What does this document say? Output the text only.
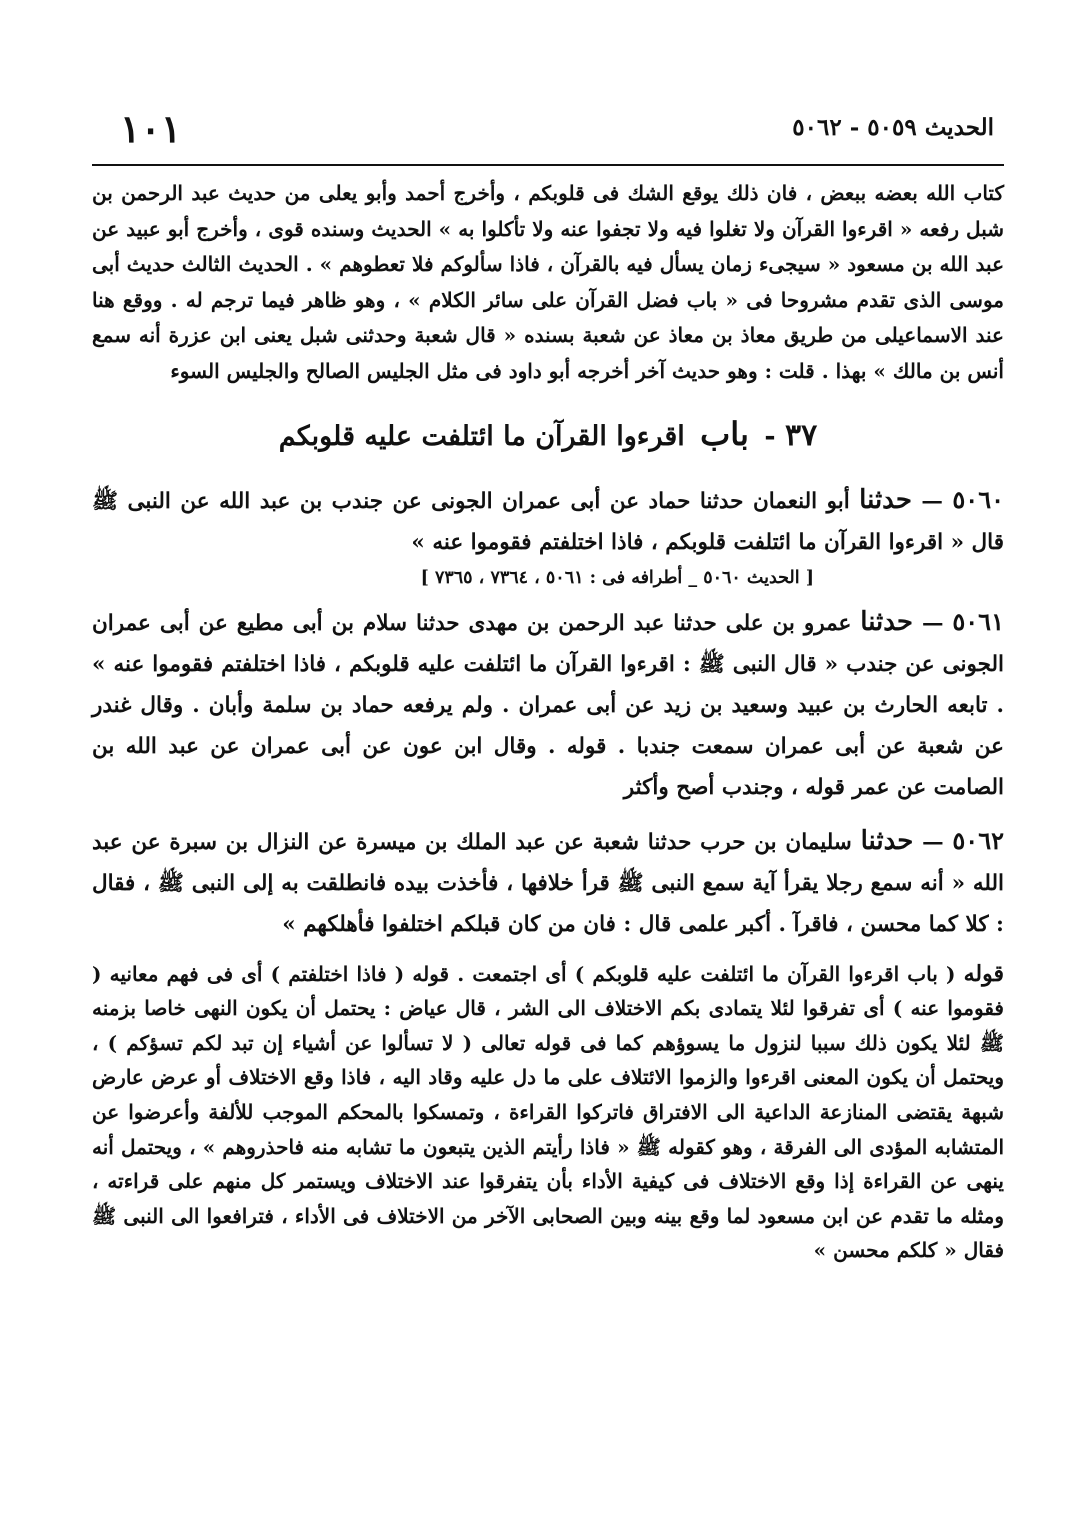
١٠١	الحديث ٥٠٥٩ - ٥٠٦٢

كتاب الله بعضه ببعض ، فان ذلك يوقع الشك فى قلوبكم ، وأخرج أحمد وأبو يعلى من حديث عبد الرحمن بن شبل رفعه « اقرءوا القرآن ولا تغلوا فيه ولا تجفوا عنه ولا تأكلوا به » الحديث وسنده قوى ، وأخرج أبو عبيد عن عبد الله بن مسعود « سيجىء زمان يسأل فيه بالقرآن ، فاذا سألوكم فلا تعطوهم » . الحديث الثالث حديث أبى موسى الذى تقدم مشروحا فى « باب فضل القرآن على سائر الكلام » ، وهو ظاهر فيما ترجم له . ووقع هنا عند الاسماعيلى من طريق معاذ بن معاذ عن شعبة بسنده « قال شعبة وحدثنى شبل يعنى ابن عزرة أنه سمع أنس بن مالك » بهذا . قلت : وهو حديث آخر أخرجه أبو داود فى مثل الجليس الصالح والجليس السوء

٣٧ - باب اقرءوا القرآن ما ائتلفت عليه قلوبكم

٥٠٦٠ — حدثنا أبو النعمان حدثنا حماد عن أبى عمران الجونى عن جندب بن عبد الله عن النبى ﷺ قال « اقرءوا القرآن ما ائتلفت قلوبكم ، فاذا اختلفتم فقوموا عنه »

[ الحديث ٥٠٦٠ _ أطرافه فى : ٥٠٦١ ، ٧٣٦٤ ، ٧٣٦٥ ]

٥٠٦١ — حدثنا عمرو بن على حدثنا عبد الرحمن بن مهدى حدثنا سلام بن أبى مطيع عن أبى عمران الجونى عن جندب « قال النبى ﷺ : اقرءوا القرآن ما ائتلفت عليه قلوبكم ، فاذا اختلفتم فقوموا عنه » . تابعه الحارث بن عبيد وسعيد بن زيد عن أبى عمران . ولم يرفعه حماد بن سلمة وأبان . وقال غندر عن شعبة عن أبى عمران سمعت جندبا . قوله . وقال ابن عون عن أبى عمران عن عبد الله بن الصامت عن عمر قوله ، وجندب أصح وأكثر

٥٠٦٢ — حدثنا سليمان بن حرب حدثنا شعبة عن عبد الملك بن ميسرة عن النزال بن سبرة عن عبد الله « أنه سمع رجلا يقرأ آية سمع النبى ﷺ قرأ خلافها ، فأخذت بيده فانطلقت به إلى النبى ﷺ ، فقال : كلا كما محسن ، فاقرآ . أكبر علمى قال : فان من كان قبلكم اختلفوا فأهلكهم »

قوله ( باب اقرءوا القرآن ما ائتلفت عليه قلوبكم ) أى اجتمعت . قوله ( فاذا اختلفتم ) أى فى فهم معانيه ( فقوموا عنه ) أى تفرقوا لئلا يتمادى بكم الاختلاف الى الشر ، قال عياض : يحتمل أن يكون النهى خاصا بزمنه ﷺ لئلا يكون ذلك سببا لنزول ما يسوؤهم كما فى قوله تعالى ( لا تسألوا عن أشياء إن تبد لكم تسؤكم ) ، ويحتمل أن يكون المعنى اقرءوا والزموا الائتلاف على ما دل عليه وقاد اليه ، فاذا وقع الاختلاف أو عرض عارض شبهة يقتضى المنازعة الداعية الى الافتراق فاتركوا القراءة ، وتمسكوا بالمحكم الموجب للألفة وأعرضوا عن المتشابه المؤدى الى الفرقة ، وهو كقوله ﷺ « فاذا رأيتم الذين يتبعون ما تشابه منه فاحذروهم » ، ويحتمل أنه ينهى عن القراءة إذا وقع الاختلاف فى كيفية الأداء بأن يتفرقوا عند الاختلاف ويستمر كل منهم على قراءته ، ومثله ما تقدم عن ابن مسعود لما وقع بينه وبين الصحابى الآخر من الاختلاف فى الأداء ، فترافعوا الى النبى ﷺ فقال « كلكم محسن »
